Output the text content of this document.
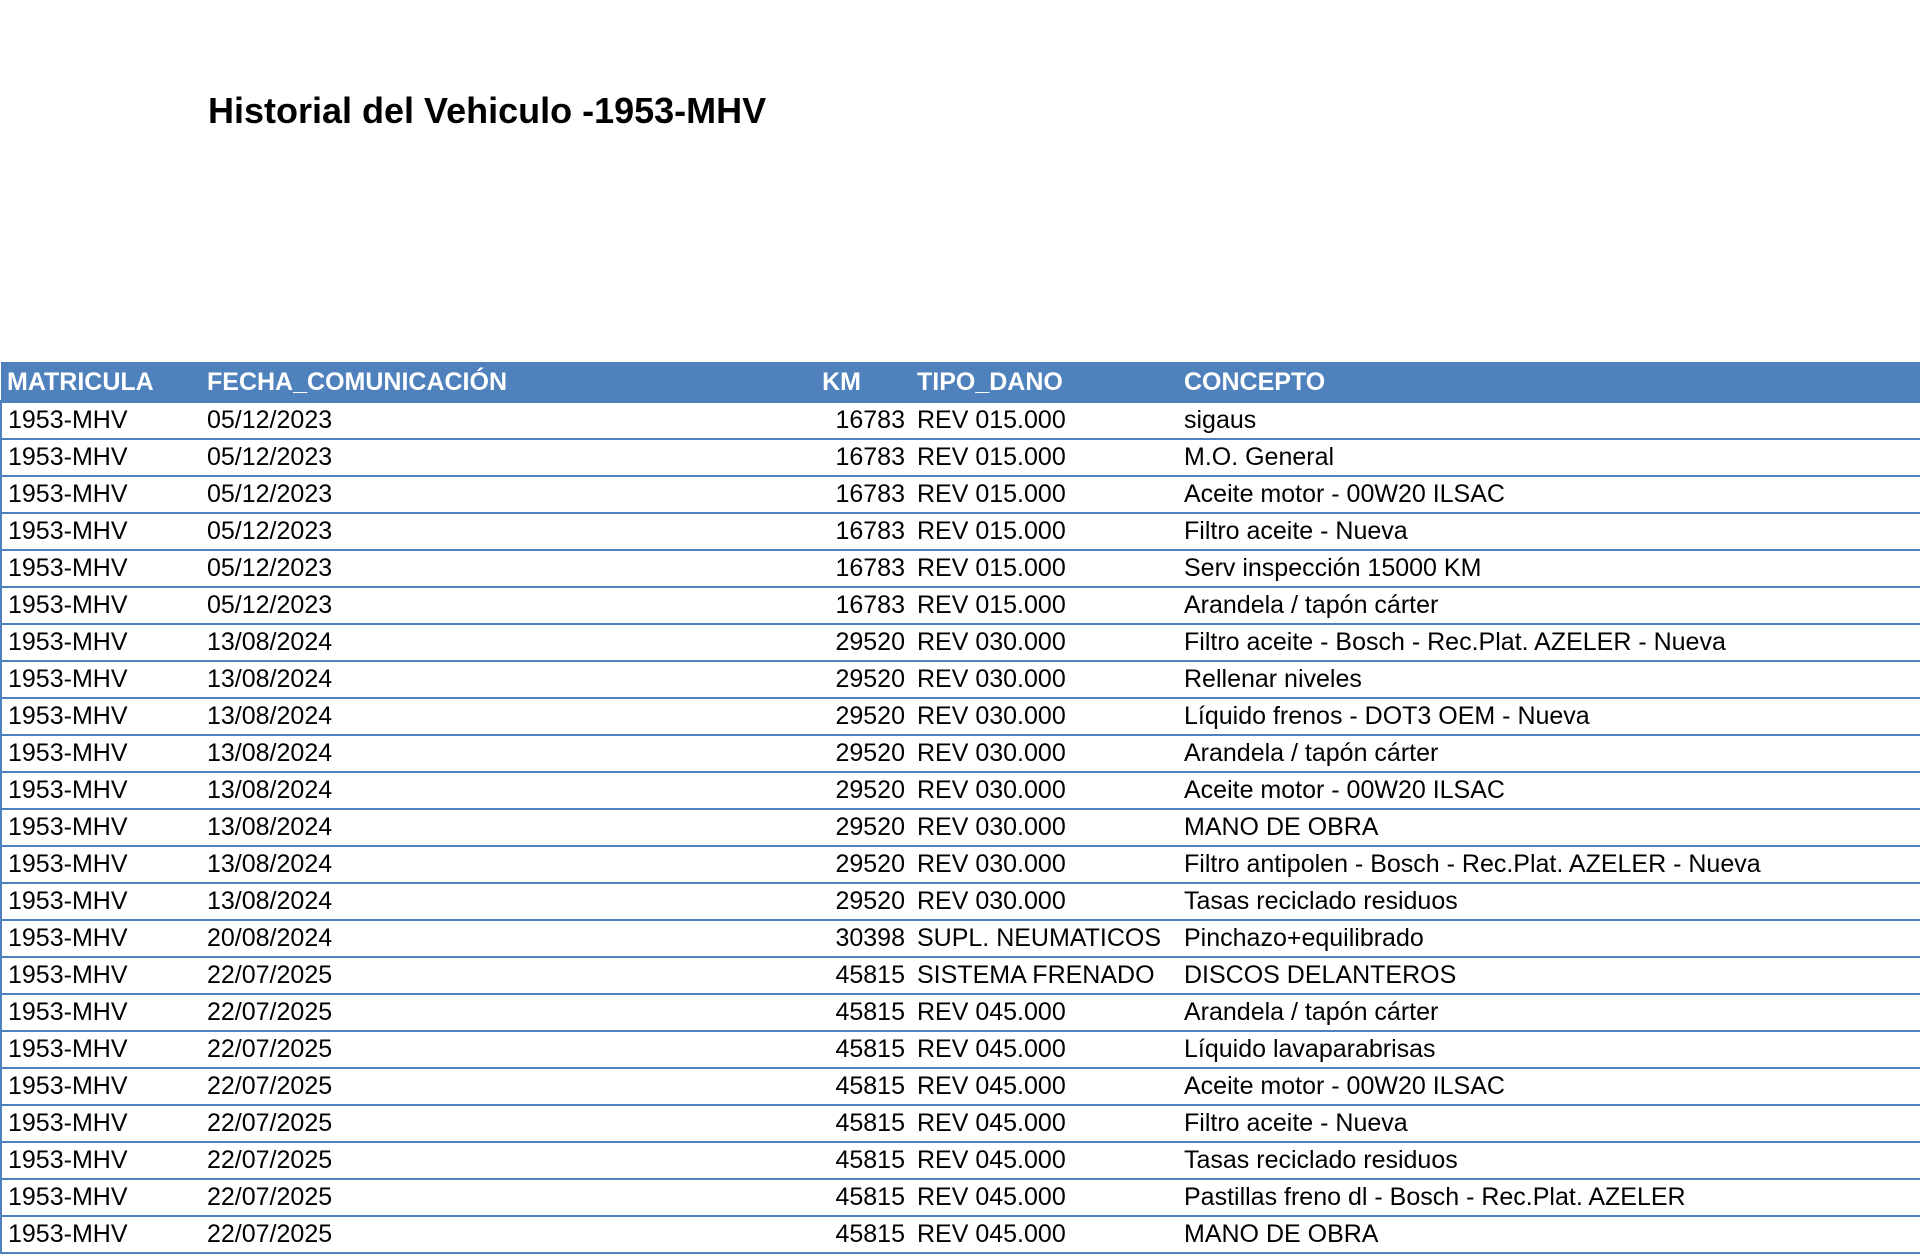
Historial del Vehiculo -1953-MHV
MATRICULA	FECHA_COMUNICACIÓN	KM	TIPO_DANO	CONCEPTO
1953-MHV	05/12/2023	16783	REV 015.000	sigaus
1953-MHV	05/12/2023	16783	REV 015.000	M.O. General
1953-MHV	05/12/2023	16783	REV 015.000	Aceite motor - 00W20 ILSAC
1953-MHV	05/12/2023	16783	REV 015.000	Filtro aceite - Nueva
1953-MHV	05/12/2023	16783	REV 015.000	Serv inspección 15000 KM
1953-MHV	05/12/2023	16783	REV 015.000	Arandela / tapón cárter
1953-MHV	13/08/2024	29520	REV 030.000	Filtro aceite - Bosch - Rec.Plat. AZELER - Nueva
1953-MHV	13/08/2024	29520	REV 030.000	Rellenar niveles
1953-MHV	13/08/2024	29520	REV 030.000	Líquido frenos - DOT3 OEM - Nueva
1953-MHV	13/08/2024	29520	REV 030.000	Arandela / tapón cárter
1953-MHV	13/08/2024	29520	REV 030.000	Aceite motor - 00W20 ILSAC
1953-MHV	13/08/2024	29520	REV 030.000	MANO DE OBRA
1953-MHV	13/08/2024	29520	REV 030.000	Filtro antipolen - Bosch - Rec.Plat. AZELER - Nueva
1953-MHV	13/08/2024	29520	REV 030.000	Tasas reciclado residuos
1953-MHV	20/08/2024	30398	SUPL. NEUMATICOS	Pinchazo+equilibrado
1953-MHV	22/07/2025	45815	SISTEMA FRENADO	DISCOS DELANTEROS
1953-MHV	22/07/2025	45815	REV 045.000	Arandela / tapón cárter
1953-MHV	22/07/2025	45815	REV 045.000	Líquido lavaparabrisas
1953-MHV	22/07/2025	45815	REV 045.000	Aceite motor - 00W20 ILSAC
1953-MHV	22/07/2025	45815	REV 045.000	Filtro aceite - Nueva
1953-MHV	22/07/2025	45815	REV 045.000	Tasas reciclado residuos
1953-MHV	22/07/2025	45815	REV 045.000	Pastillas freno dl - Bosch - Rec.Plat. AZELER
1953-MHV	22/07/2025	45815	REV 045.000	MANO DE OBRA
